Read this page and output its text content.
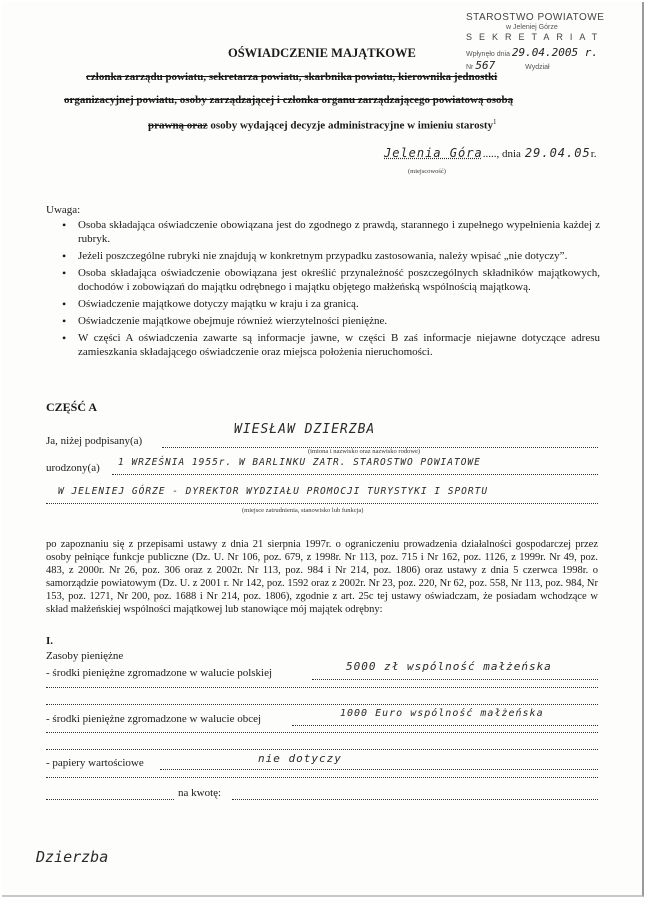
STAROSTWO POWIATOWE
w Jeleniej Górze
SEKRETARIAT
Wpłynęło dnia 29.04.2005 r.
Nr 567	Wydział
OŚWIADCZENIE MAJĄTKOWE
członka zarządu powiatu, sekretarza powiatu, skarbnika powiatu, kierownika jednostki
organizacyjnej powiatu, osoby zarządzającej i członka organu zarządzającego powiatową osobą
prawną oraz osoby wydającej decyzje administracyjne w imieniu starosty$^1$
Jelenia Góra....., dnia 29.04.05r.
(miejscowość)
Uwaga:
• Osoba składająca oświadczenie obowiązana jest do zgodnego z prawdą, starannego i zupełnego wypełnienia każdej z rubryk.
• Jeżeli poszczególne rubryki nie znajdują w konkretnym przypadku zastosowania, należy wpisać „nie dotyczy”.
• Osoba składająca oświadczenie obowiązana jest określić przynależność poszczególnych składników majątkowych, dochodów i zobowiązań do majątku odrębnego i majątku objętego małżeńską wspólnością majątkową.
• Oświadczenie majątkowe dotyczy majątku w kraju i za granicą.
• Oświadczenie majątkowe obejmuje również wierzytelności pieniężne.
• W części A oświadczenia zawarte są informacje jawne, w części B zaś informacje niejawne dotyczące adresu zamieszkania składającego oświadczenie oraz miejsca położenia nieruchomości.
CZĘŚĆ A
Ja, niżej podpisany(a)
WIESŁAW DZIERZBA
(imiona i nazwisko oraz nazwisko rodowe)
urodzony(a) 1 WRZEŚNIA 1955r. W BARLINKU ZATR. STAROSTWO POWIATOWE
W JELENIEJ GÓRZE - DYREKTOR WYDZIAŁU PROMOCJI TURYSTYKI I SPORTU
(miejsce zatrudnienia, stanowisko lub funkcja)
po zapoznaniu się z przepisami ustawy z dnia 21 sierpnia 1997r. o ograniczeniu prowadzenia działalności gospodarczej przez osoby pełniące funkcje publiczne (Dz. U. Nr 106, poz. 679, z 1998r. Nr 113, poz. 715 i Nr 162, poz. 1126, z 1999r. Nr 49, poz. 483, z 2000r. Nr 26, poz. 306 oraz z 2002r. Nr 113, poz. 984 i Nr 214, poz. 1806) oraz ustawy z dnia 5 czerwca 1998r. o samorządzie powiatowym (Dz. U. z 2001 r. Nr 142, poz. 1592 oraz z 2002r. Nr 23, poz. 220, Nr 62, poz. 558, Nr 113, poz. 984, Nr 153, poz. 1271, Nr 200, poz. 1688 i Nr 214, poz. 1806), zgodnie z art. 25c tej ustawy oświadczam, że posiadam wchodzące w skład małżeńskiej wspólności majątkowej lub stanowiące mój majątek odrębny:
I.
Zasoby pieniężne
- środki pieniężne zgromadzone w walucie polskiej	5000 zł wspólność małżeńska
- środki pieniężne zgromadzone w walucie obcej	1000 Euro wspólność małżeńska
- papiery wartościowe	nie dotyczy
na kwotę:
Dzierzba
